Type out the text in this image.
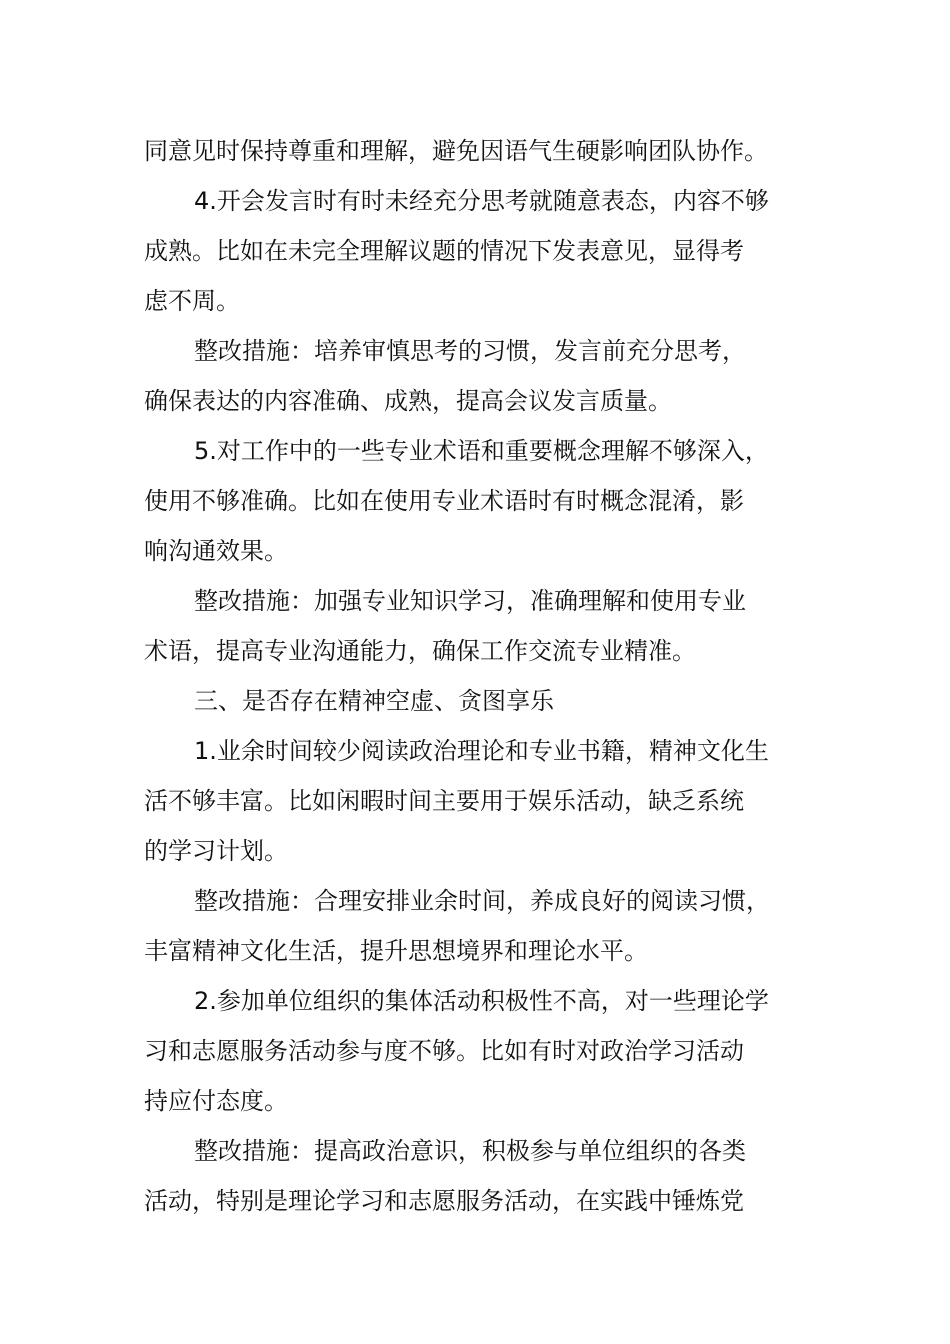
同意见时保持尊重和理解，避免因语气生硬影响团队协作。
4.开会发言时有时未经充分思考就随意表态，内容不够
成熟。比如在未完全理解议题的情况下发表意见，显得考
虑不周。
整改措施：培养审慎思考的习惯，发言前充分思考，
确保表达的内容准确、成熟，提高会议发言质量。
5.对工作中的一些专业术语和重要概念理解不够深入，
使用不够准确。比如在使用专业术语时有时概念混淆，影
响沟通效果。
整改措施：加强专业知识学习，准确理解和使用专业
术语，提高专业沟通能力，确保工作交流专业精准。
三、是否存在精神空虚、贪图享乐
1.业余时间较少阅读政治理论和专业书籍，精神文化生
活不够丰富。比如闲暇时间主要用于娱乐活动，缺乏系统
的学习计划。
整改措施：合理安排业余时间，养成良好的阅读习惯，
丰富精神文化生活，提升思想境界和理论水平。
2.参加单位组织的集体活动积极性不高，对一些理论学
习和志愿服务活动参与度不够。比如有时对政治学习活动
持应付态度。
整改措施：提高政治意识，积极参与单位组织的各类
活动，特别是理论学习和志愿服务活动，在实践中锤炼党
